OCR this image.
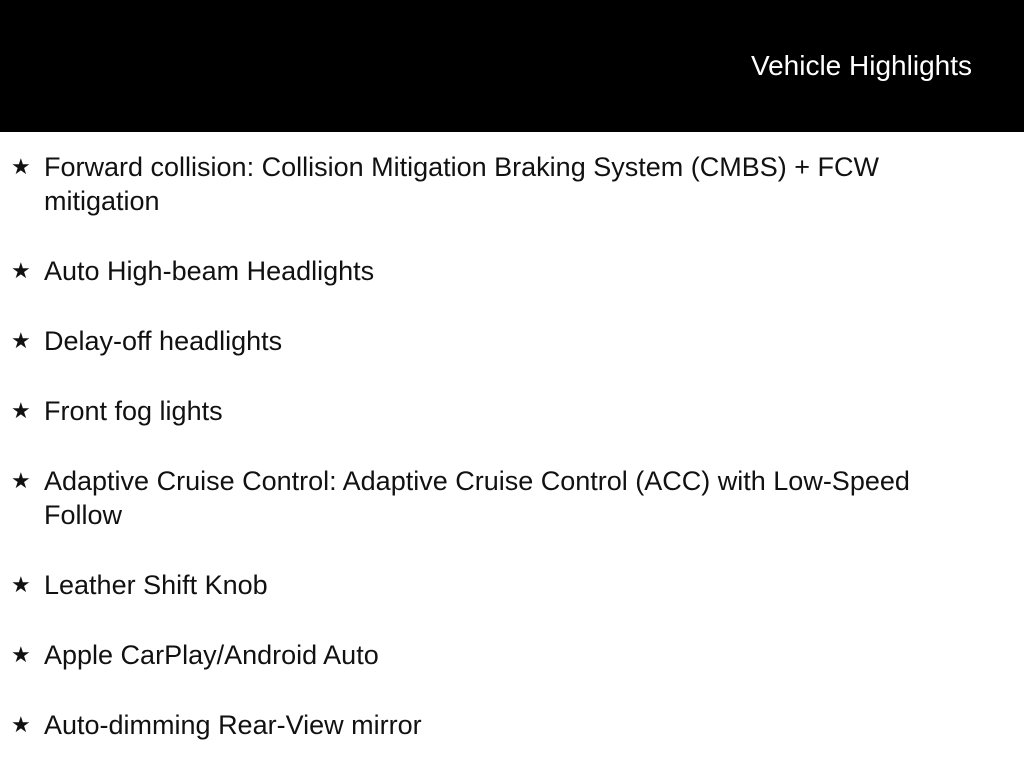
Vehicle Highlights
★ Forward collision: Collision Mitigation Braking System (CMBS) + FCW mitigation
★ Auto High-beam Headlights
★ Delay-off headlights
★ Front fog lights
★ Adaptive Cruise Control: Adaptive Cruise Control (ACC) with Low-Speed Follow
★ Leather Shift Knob
★ Apple CarPlay/Android Auto
★ Auto-dimming Rear-View mirror
